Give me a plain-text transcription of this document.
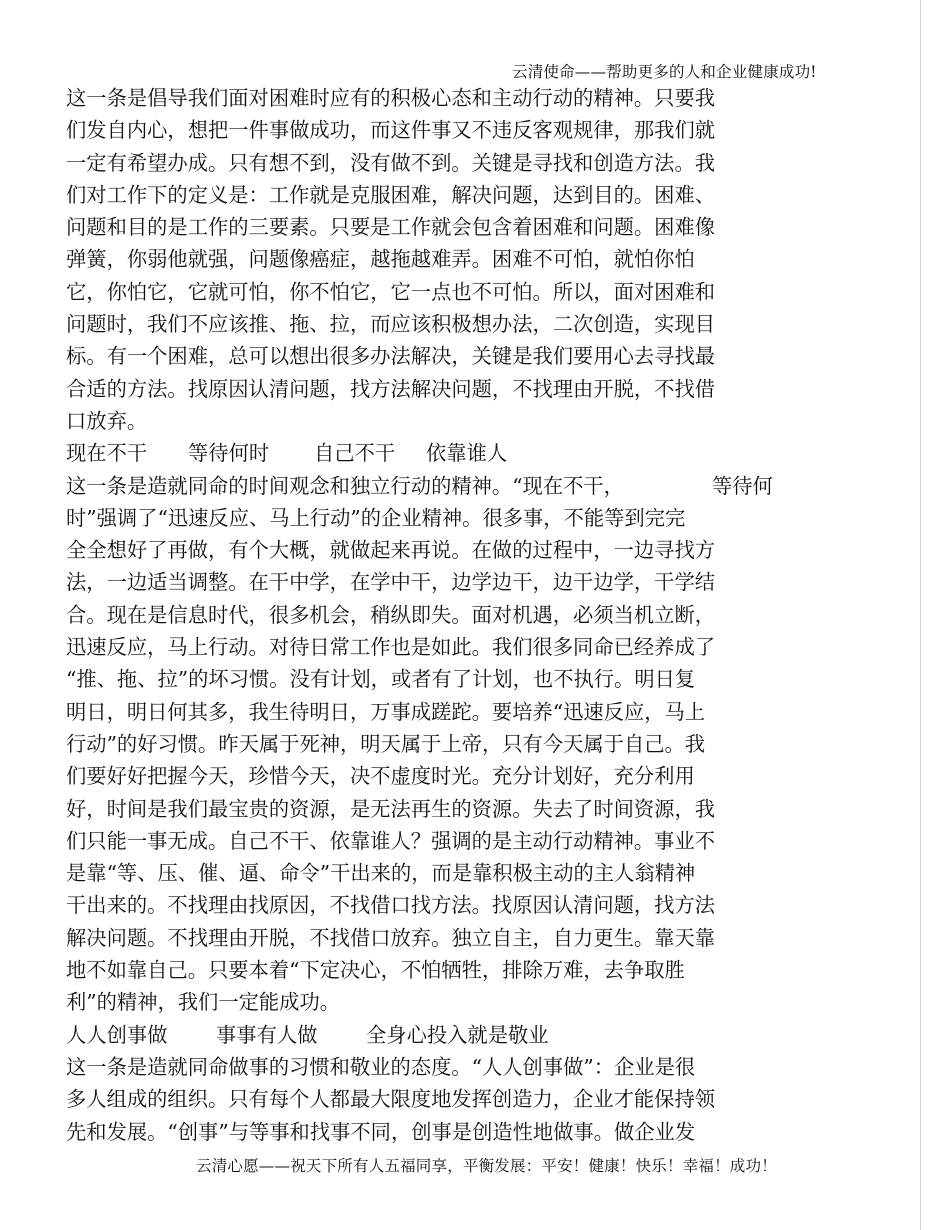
云清使命——帮助更多的人和企业健康成功!
这一条是倡导我们面对困难时应有的积极心态和主动行动的精神。只要我
们发自内心，想把一件事做成功，而这件事又不违反客观规律，那我们就
一定有希望办成。只有想不到，没有做不到。关键是寻找和创造方法。我
们对工作下的定义是：工作就是克服困难，解决问题，达到目的。困难、
问题和目的是工作的三要素。只要是工作就会包含着困难和问题。困难像
弹簧，你弱他就强，问题像癌症，越拖越难弄。困难不可怕，就怕你怕
它，你怕它，它就可怕，你不怕它，它一点也不可怕。所以，面对困难和
问题时，我们不应该推、拖、拉，而应该积极想办法，二次创造，实现目
标。有一个困难，总可以想出很多办法解决，关键是我们要用心去寻找最
合适的方法。找原因认清问题，找方法解决问题，不找理由开脱，不找借
口放弃。
现在不干 等待何时 自己不干 依靠谁人
这一条是造就同命的时间观念和独立行动的精神。“现在不干，	等待何
时”强调了“迅速反应、马上行动”的企业精神。很多事，不能等到完完
全全想好了再做，有个大概，就做起来再说。在做的过程中，一边寻找方
法，一边适当调整。在干中学，在学中干，边学边干，边干边学，干学结
合。现在是信息时代，很多机会，稍纵即失。面对机遇，必须当机立断，
迅速反应，马上行动。对待日常工作也是如此。我们很多同命已经养成了
“推、拖、拉”的坏习惯。没有计划，或者有了计划，也不执行。明日复
明日，明日何其多，我生待明日，万事成蹉跎。要培养“迅速反应，马上
行动”的好习惯。昨天属于死神，明天属于上帝，只有今天属于自己。我
们要好好把握今天，珍惜今天，决不虚度时光。充分计划好，充分利用
好，时间是我们最宝贵的资源，是无法再生的资源。失去了时间资源，我
们只能一事无成。自己不干、依靠谁人？强调的是主动行动精神。事业不
是靠“等、压、催、逼、命令”干出来的，而是靠积极主动的主人翁精神
干出来的。不找理由找原因，不找借口找方法。找原因认清问题，找方法
解决问题。不找理由开脱，不找借口放弃。独立自主，自力更生。靠天靠
地不如靠自己。只要本着“下定决心，不怕牺牲，排除万难，去争取胜
利”的精神，我们一定能成功。
人人创事做 事事有人做 全身心投入就是敬业
这一条是造就同命做事的习惯和敬业的态度。“人人创事做”：企业是很
多人组成的组织。只有每个人都最大限度地发挥创造力，企业才能保持领
先和发展。“创事”与等事和找事不同，创事是创造性地做事。做企业发
云清心愿——祝天下所有人五福同享，平衡发展：平安！健康！快乐！幸福！成功！
